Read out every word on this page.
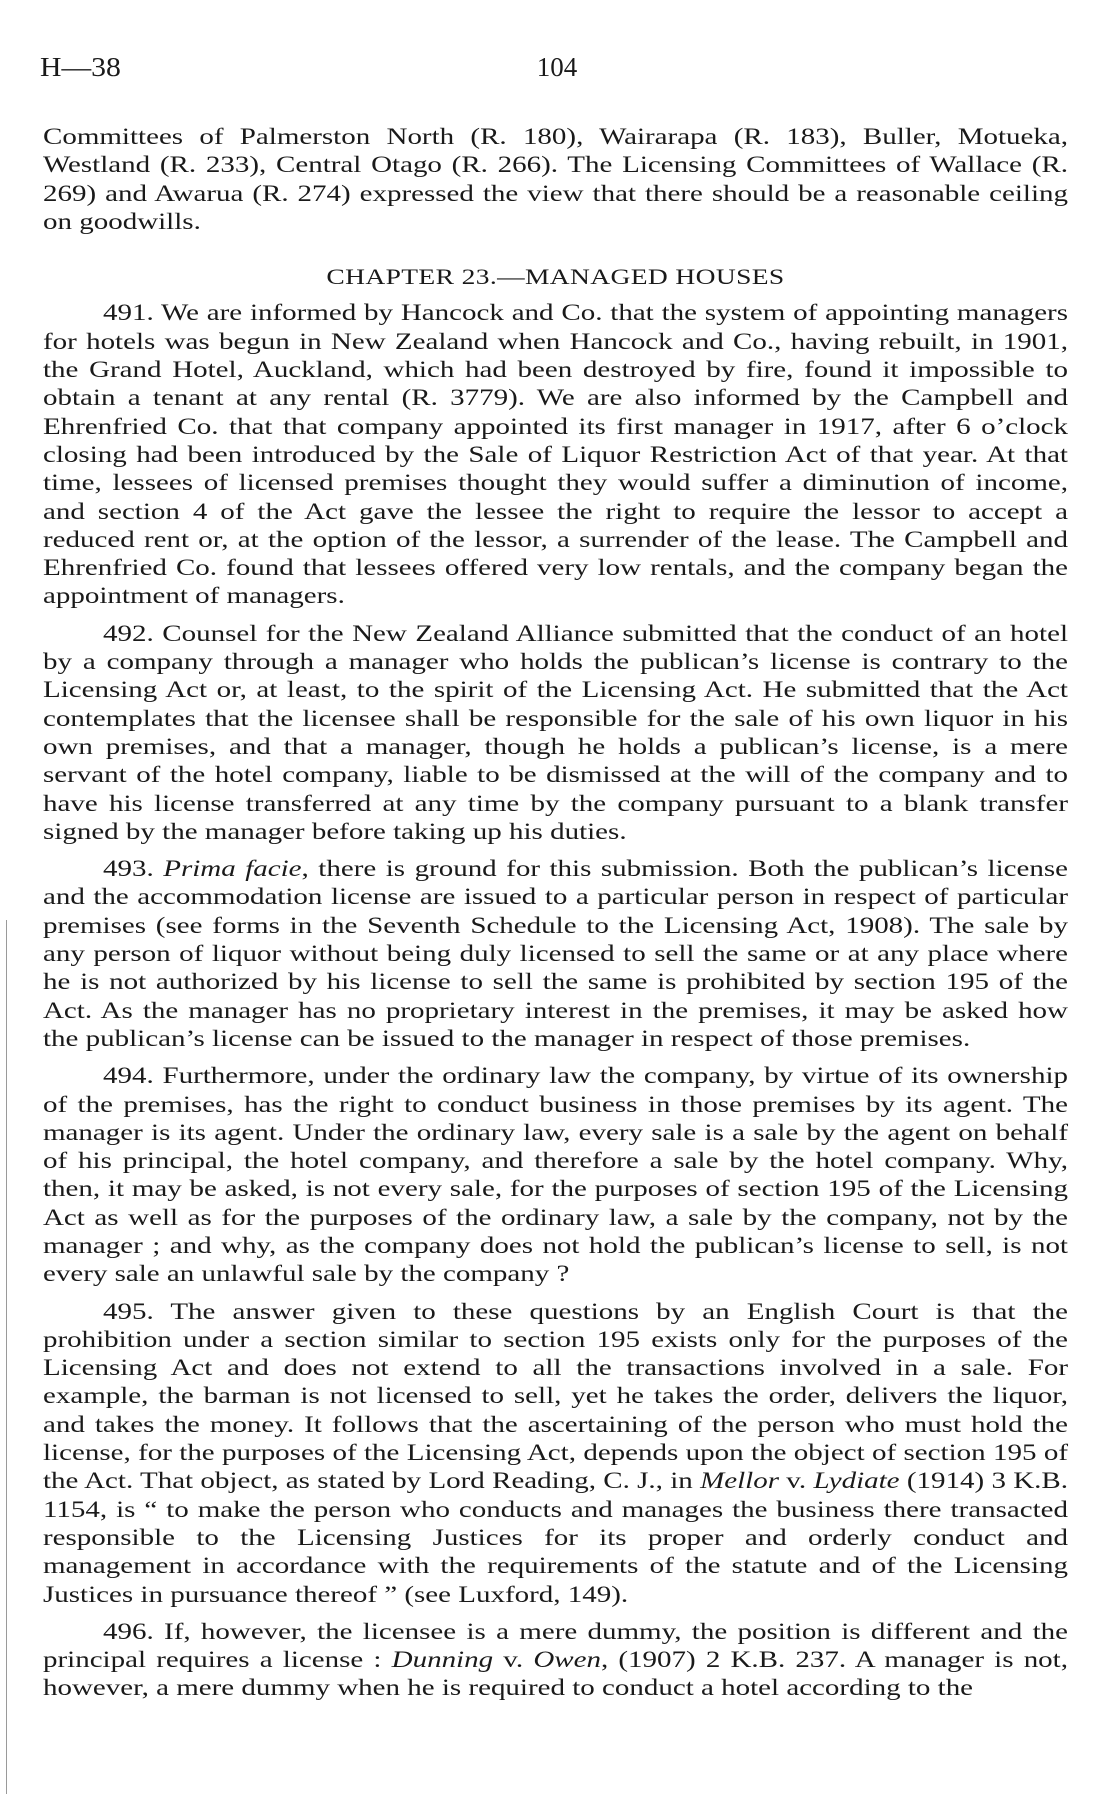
H—38	104

Committees of Palmerston North (R. 180), Wairarapa (R. 183), Buller, Motueka, Westland (R. 233), Central Otago (R. 266). The Licensing Committees of Wallace (R. 269) and Awarua (R. 274) expressed the view that there should be a reasonable ceiling on goodwills.

CHAPTER 23.—MANAGED HOUSES

491. We are informed by Hancock and Co. that the system of appointing managers for hotels was begun in New Zealand when Hancock and Co., having rebuilt, in 1901, the Grand Hotel, Auckland, which had been destroyed by fire, found it impossible to obtain a tenant at any rental (R. 3779). We are also informed by the Campbell and Ehrenfried Co. that that company appointed its first manager in 1917, after 6 o’clock closing had been introduced by the Sale of Liquor Restriction Act of that year. At that time, lessees of licensed premises thought they would suffer a diminution of income, and section 4 of the Act gave the lessee the right to require the lessor to accept a reduced rent or, at the option of the lessor, a surrender of the lease. The Campbell and Ehrenfried Co. found that lessees offered very low rentals, and the company began the appointment of managers.

492. Counsel for the New Zealand Alliance submitted that the conduct of an hotel by a company through a manager who holds the publican’s license is contrary to the Licensing Act or, at least, to the spirit of the Licensing Act. He submitted that the Act contemplates that the licensee shall be responsible for the sale of his own liquor in his own premises, and that a manager, though he holds a publican’s license, is a mere servant of the hotel company, liable to be dismissed at the will of the company and to have his license transferred at any time by the company pursuant to a blank transfer signed by the manager before taking up his duties.

493. Prima facie, there is ground for this submission. Both the publican’s license and the accommodation license are issued to a particular person in respect of particular premises (see forms in the Seventh Schedule to the Licensing Act, 1908). The sale by any person of liquor without being duly licensed to sell the same or at any place where he is not authorized by his license to sell the same is prohibited by section 195 of the Act. As the manager has no proprietary interest in the premises, it may be asked how the publican’s license can be issued to the manager in respect of those premises.

494. Furthermore, under the ordinary law the company, by virtue of its ownership of the premises, has the right to conduct business in those premises by its agent. The manager is its agent. Under the ordinary law, every sale is a sale by the agent on behalf of his principal, the hotel company, and therefore a sale by the hotel company. Why, then, it may be asked, is not every sale, for the purposes of section 195 of the Licensing Act as well as for the purposes of the ordinary law, a sale by the company, not by the manager ; and why, as the company does not hold the publican’s license to sell, is not every sale an unlawful sale by the company ?

495. The answer given to these questions by an English Court is that the prohibition under a section similar to section 195 exists only for the purposes of the Licensing Act and does not extend to all the transactions involved in a sale. For example, the barman is not licensed to sell, yet he takes the order, delivers the liquor, and takes the money. It follows that the ascertaining of the person who must hold the license, for the purposes of the Licensing Act, depends upon the object of section 195 of the Act. That object, as stated by Lord Reading, C. J., in Mellor v. Lydiate (1914) 3 K.B. 1154, is “ to make the person who conducts and manages the business there transacted responsible to the Licensing Justices for its proper and orderly conduct and management in accordance with the requirements of the statute and of the Licensing Justices in pursuance thereof ” (see Luxford, 149).

496. If, however, the licensee is a mere dummy, the position is different and the principal requires a license : Dunning v. Owen, (1907) 2 K.B. 237. A manager is not, however, a mere dummy when he is required to conduct a hotel according to the
